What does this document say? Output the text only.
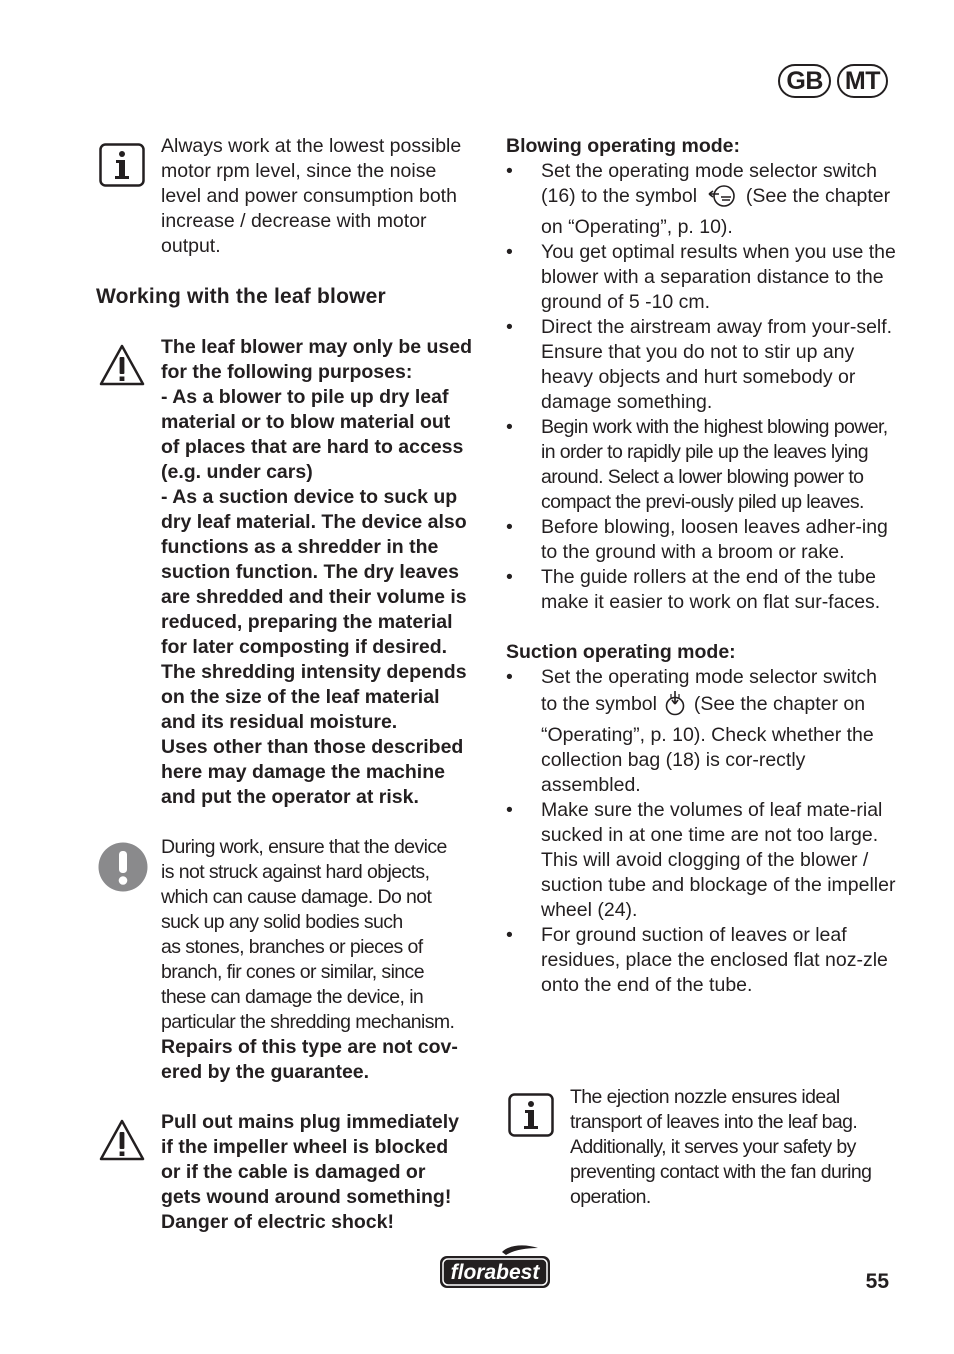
GB MT
Always work at the lowest possible motor rpm level, since the noise level and power consumption both increase / decrease with motor output.
Working with the leaf blower
The leaf blower may only be used
for the following purposes:
- As a blower to pile up dry leaf
material or to blow material out
of places that are hard to access
(e.g. under cars)
- As a suction device to suck up
dry leaf material. The device also
functions as a shredder in the
suction function. The dry leaves
are shredded and their volume is
reduced, preparing the material
for later composting if desired.
The shredding intensity depends
on the size of the leaf material
and its residual moisture.
Uses other than those described
here may damage the machine
and put the operator at risk.
During work, ensure that the device
is not struck against hard objects,
which can cause damage. Do not
suck up any solid bodies such
as stones, branches or pieces of
branch, fir cones or similar, since
these can damage the device, in
particular the shredding mechanism.
Repairs of this type are not cov-
ered by the guarantee.
Pull out mains plug immediately
if the impeller wheel is blocked
or if the cable is damaged or
gets wound around something!
Danger of electric shock!
Blowing operating mode:
• Set the operating mode selector switch (16) to the symbol	(See the chapter on “Operating”, p. 10).
• You get optimal results when you use the blower with a separation distance to the ground of 5 -10 cm.
• Direct the airstream away from your-self. Ensure that you do not to stir up any heavy objects and hurt somebody or damage something.
• Begin work with the highest blowing power, in order to rapidly pile up the leaves lying around. Select a lower blowing power to compact the previ-ously piled up leaves.
• Before blowing, loosen leaves adher-ing to the ground with a broom or rake.
• The guide rollers at the end of the tube make it easier to work on flat sur-faces.
Suction operating mode:
• Set the operating mode selector switch to the symbol (See the chapter on “Operating”, p. 10). Check whether the collection bag (18) is cor-rectly assembled.
• Make sure the volumes of leaf mate-rial sucked in at one time are not too large. This will avoid clogging of the blower / suction tube and blockage of the impeller wheel (24).
• For ground suction of leaves or leaf residues, place the enclosed flat noz-zle onto the end of the tube.
The ejection nozzle ensures ideal transport of leaves into the leaf bag. Additionally, it serves your safety by preventing contact with the fan during operation.
florabest	55
